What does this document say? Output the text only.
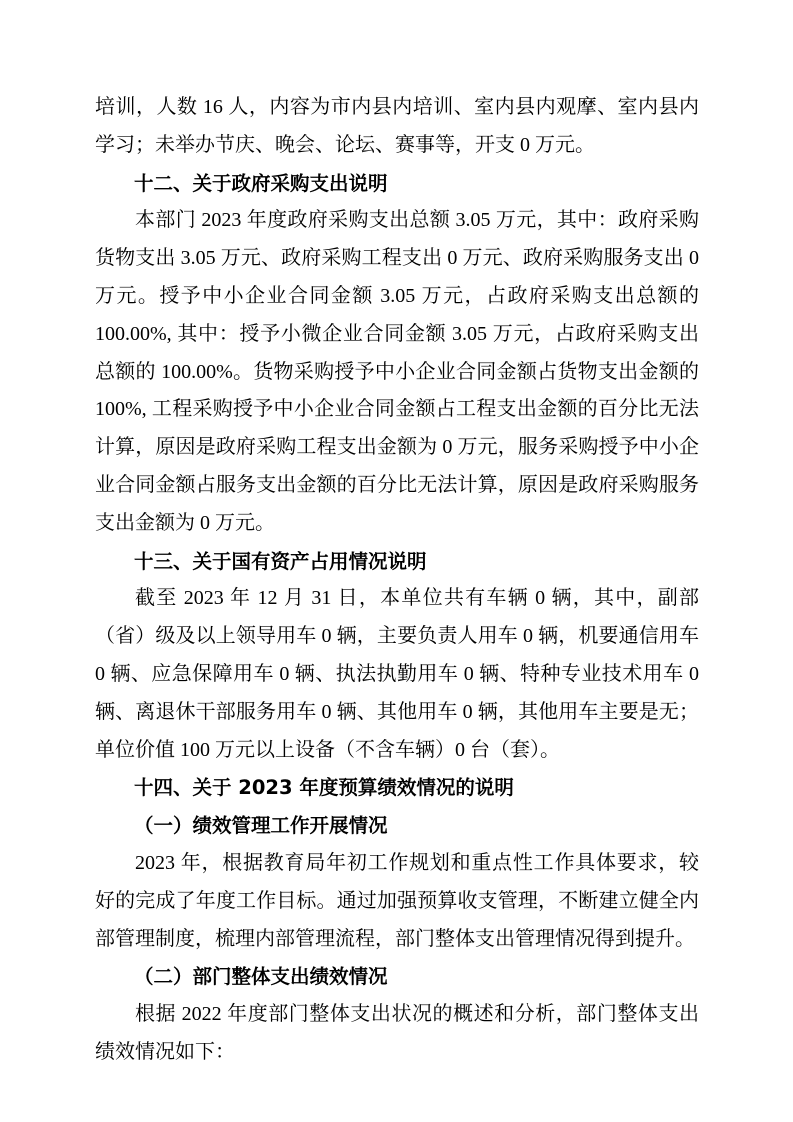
培训，人数 16 人，内容为市内县内培训、室内县内观摩、室内县内学习；未举办节庆、晚会、论坛、赛事等，开支 0 万元。

十二、关于政府采购支出说明

本部门 2023 年度政府采购支出总额 3.05 万元，其中：政府采购货物支出 3.05 万元、政府采购工程支出 0 万元、政府采购服务支出 0 万元。授予中小企业合同金额 3.05 万元，占政府采购支出总额的 100.00%, 其中：授予小微企业合同金额 3.05 万元，占政府采购支出总额的 100.00%。货物采购授予中小企业合同金额占货物支出金额的 100%, 工程采购授予中小企业合同金额占工程支出金额的百分比无法计算，原因是政府采购工程支出金额为 0 万元，服务采购授予中小企业合同金额占服务支出金额的百分比无法计算，原因是政府采购服务支出金额为 0 万元。

十三、关于国有资产占用情况说明

截至 2023 年 12 月 31 日，本单位共有车辆 0 辆，其中，副部（省）级及以上领导用车 0 辆，主要负责人用车 0 辆，机要通信用车 0 辆、应急保障用车 0 辆、执法执勤用车 0 辆、特种专业技术用车 0 辆、离退休干部服务用车 0 辆、其他用车 0 辆，其他用车主要是无；单位价值 100 万元以上设备（不含车辆）0 台（套）。

十四、关于 2023 年度预算绩效情况的说明

（一）绩效管理工作开展情况

2023 年，根据教育局年初工作规划和重点性工作具体要求，较好的完成了年度工作目标。通过加强预算收支管理，不断建立健全内部管理制度，梳理内部管理流程，部门整体支出管理情况得到提升。

（二）部门整体支出绩效情况

根据 2022 年度部门整体支出状况的概述和分析，部门整体支出绩效情况如下：
